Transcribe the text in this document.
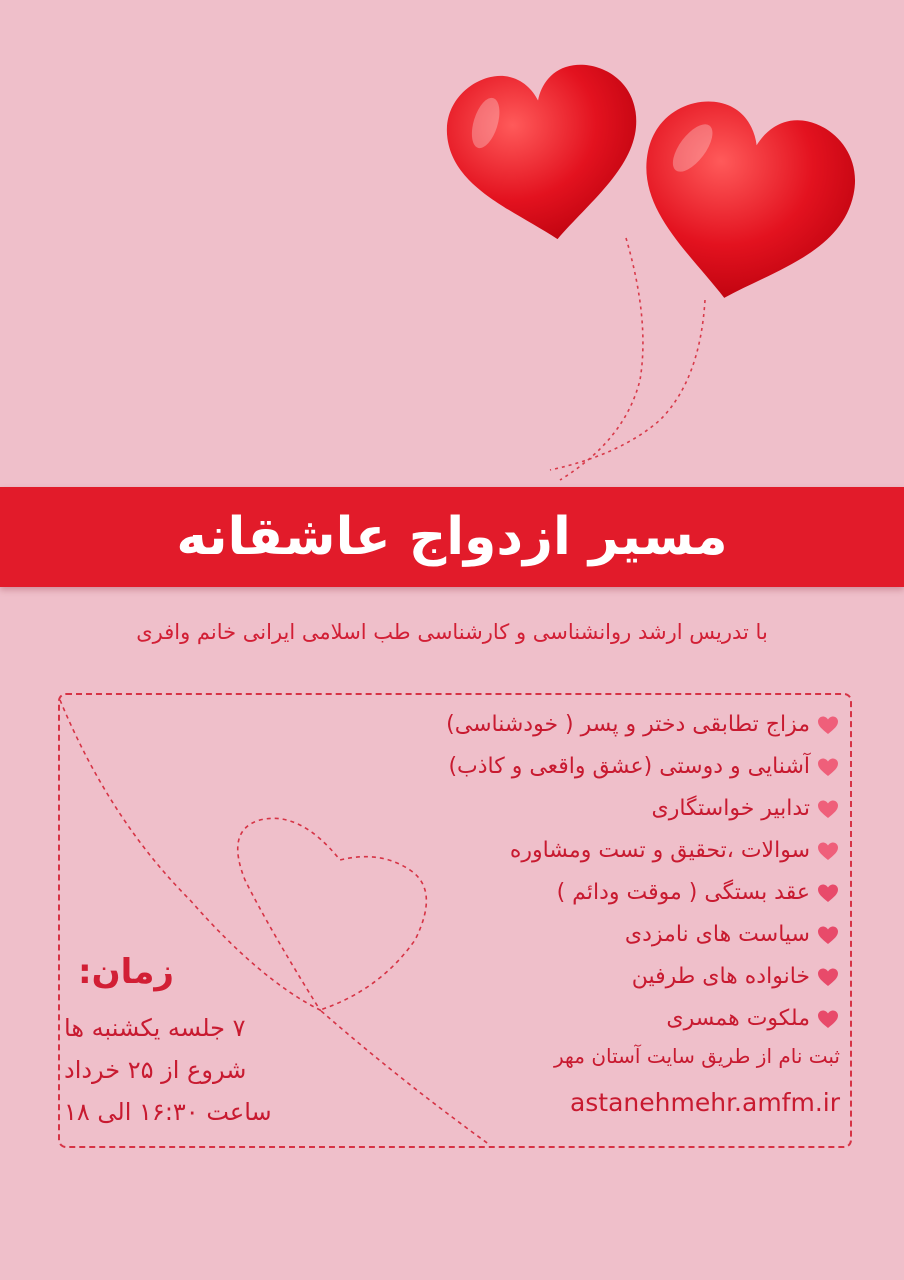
مسیر ازدواج عاشقانه
با تدریس ارشد روانشناسی و کارشناسی طب اسلامی ایرانی خانم وافری
مزاج تطابقی دختر و پسر ( خودشناسی)
آشنایی و دوستی (عشق واقعی و کاذب)
تدابیر خواستگاری
سوالات ،تحقیق و تست ومشاوره
عقد بستگی ( موقت ودائم )
سیاست های نامزدی
خانواده های طرفین
ملکوت همسری
ثبت نام از طریق سایت آستان مهر
astanehmehr.amfm.ir
زمان:
۷ جلسه یکشنبه ها
شروع از ۲۵ خرداد
ساعت ۱۶:۳۰ الی ۱۸
